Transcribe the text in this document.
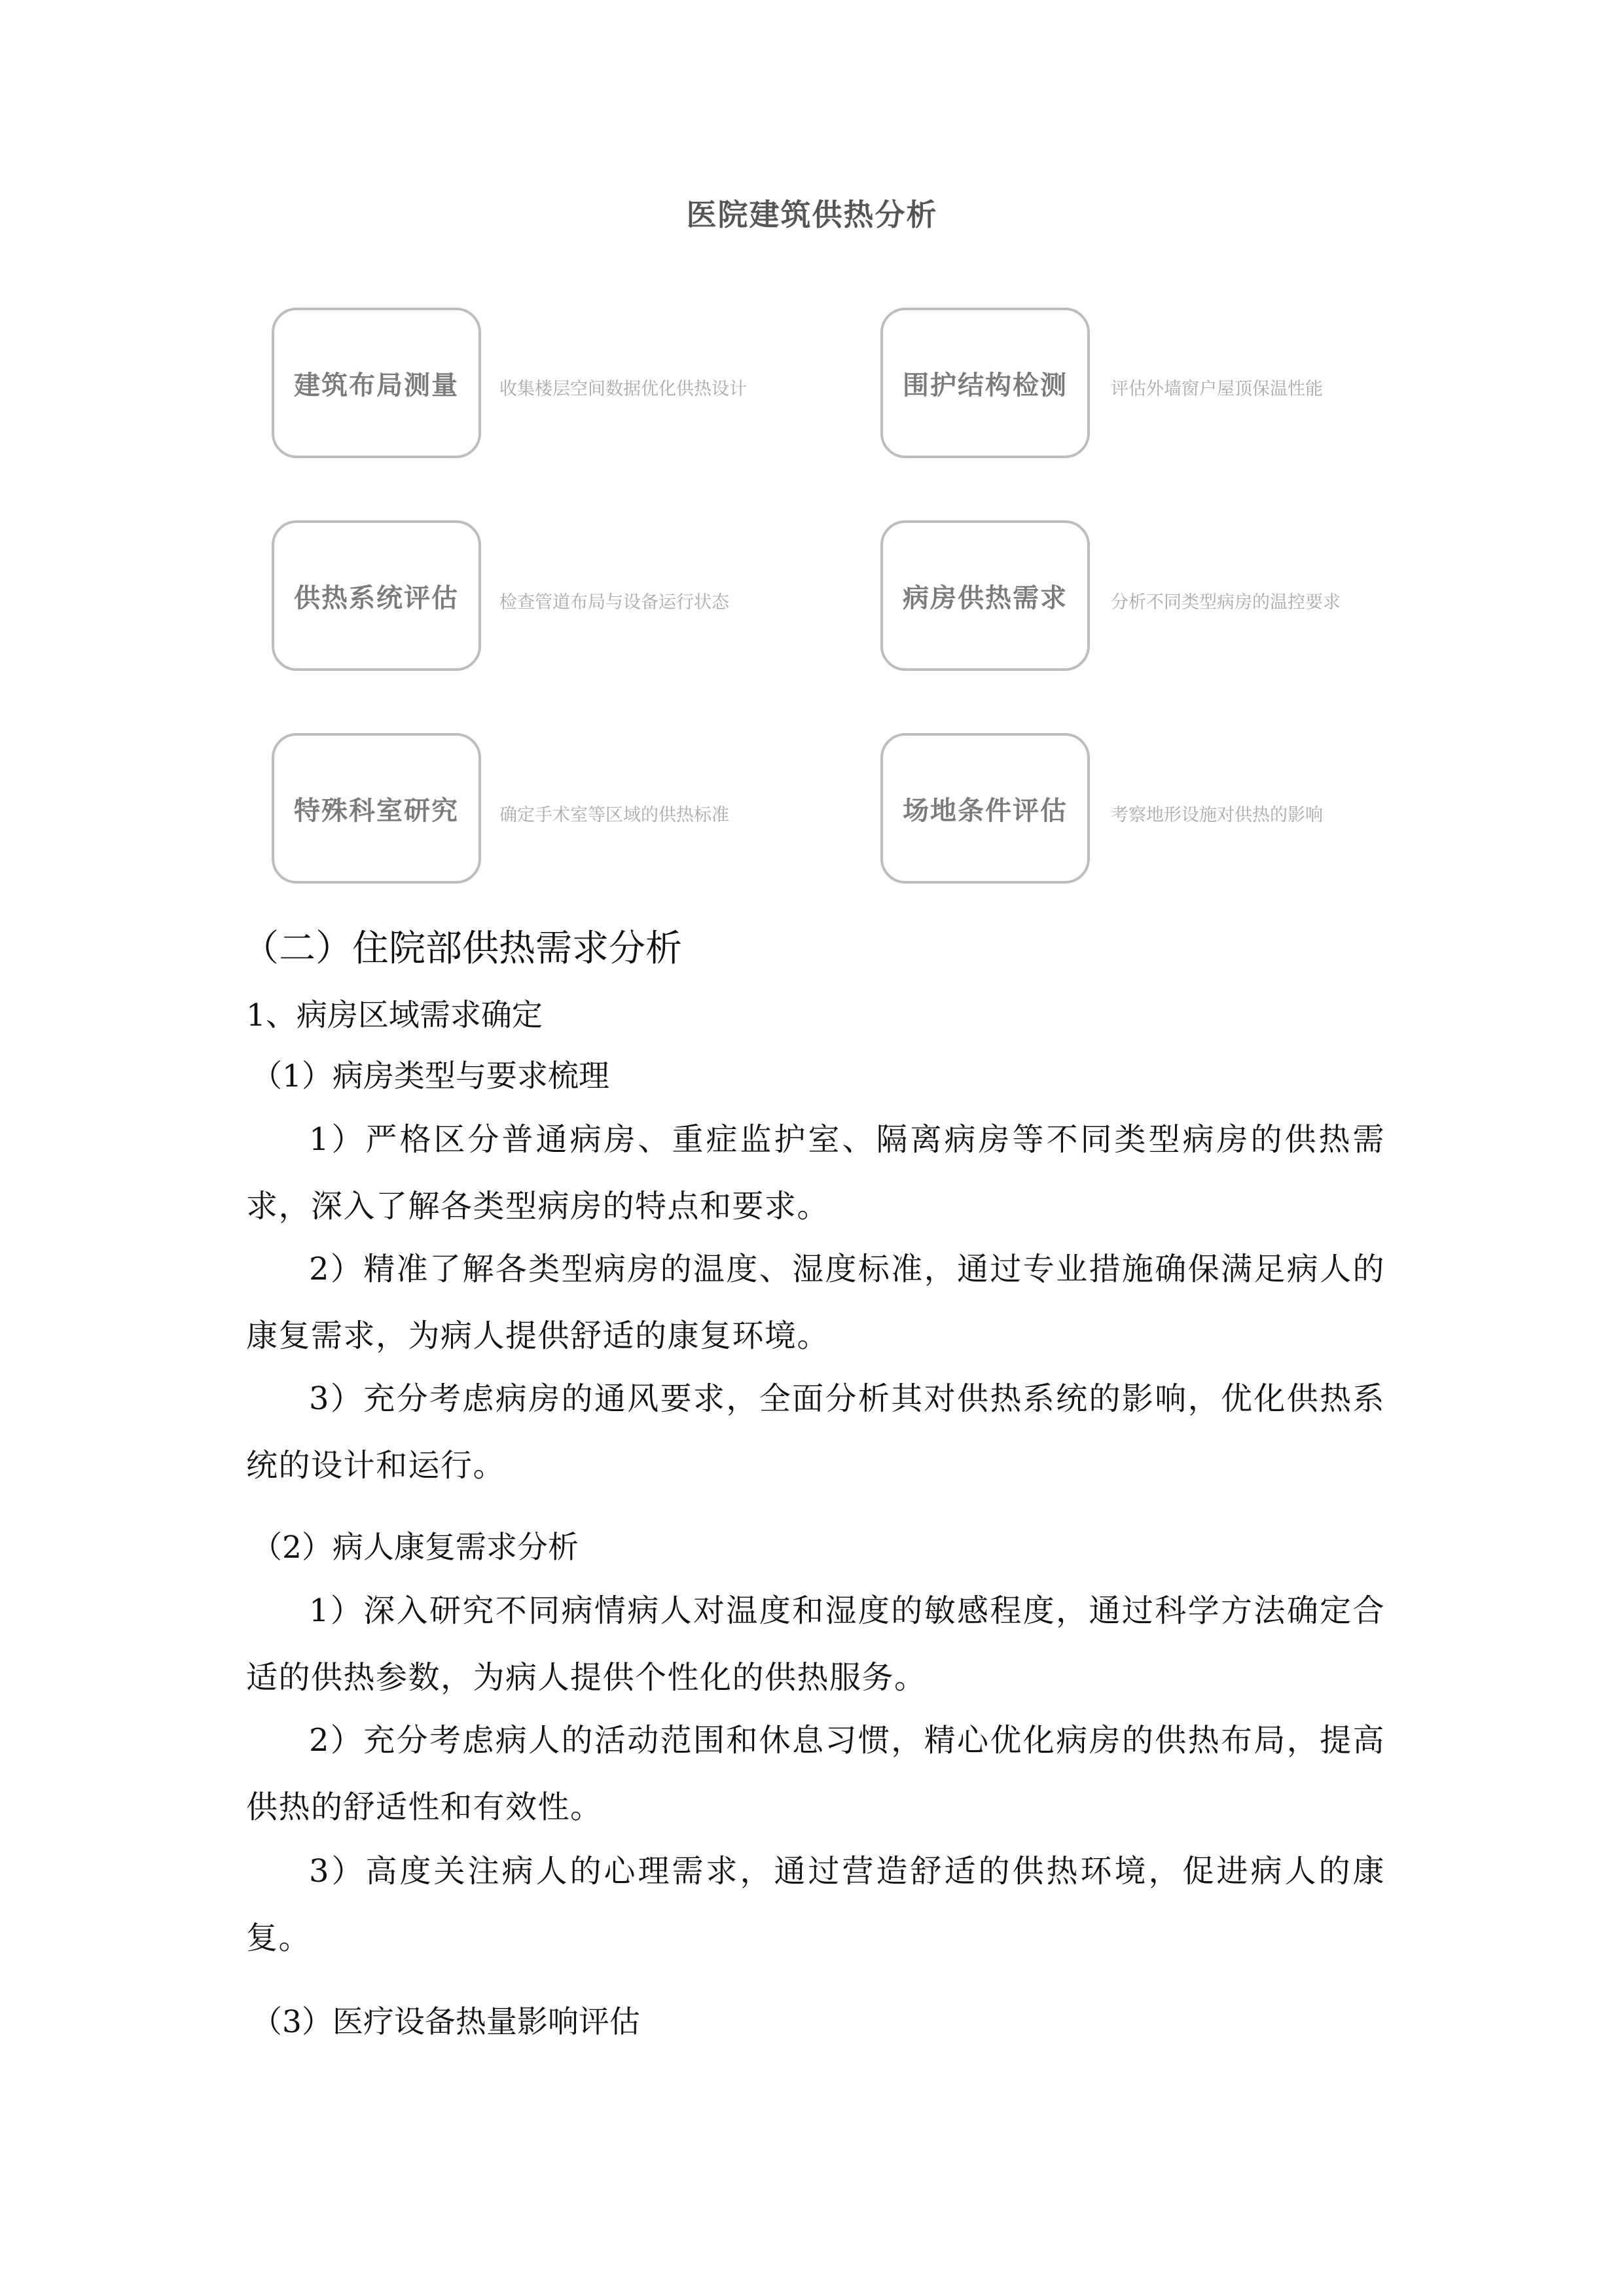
医院建筑供热分析
建筑布局测量	收集楼层空间数据优化供热设计	围护结构检测	评估外墙窗户屋顶保温性能
供热系统评估	检查管道布局与设备运行状态	病房供热需求	分析不同类型病房的温控要求
特殊科室研究	确定手术室等区域的供热标准	场地条件评估	考察地形设施对供热的影响
（二）住院部供热需求分析
1、病房区域需求确定
（1）病房类型与要求梳理
1）严格区分普通病房、重症监护室、隔离病房等不同类型病房的供热需求，深入了解各类型病房的特点和要求。
2）精准了解各类型病房的温度、湿度标准，通过专业措施确保满足病人的康复需求，为病人提供舒适的康复环境。
3）充分考虑病房的通风要求，全面分析其对供热系统的影响，优化供热系统的设计和运行。
（2）病人康复需求分析
1）深入研究不同病情病人对温度和湿度的敏感程度，通过科学方法确定合适的供热参数，为病人提供个性化的供热服务。
2）充分考虑病人的活动范围和休息习惯，精心优化病房的供热布局，提高供热的舒适性和有效性。
3）高度关注病人的心理需求，通过营造舒适的供热环境，促进病人的康复。
（3）医疗设备热量影响评估
